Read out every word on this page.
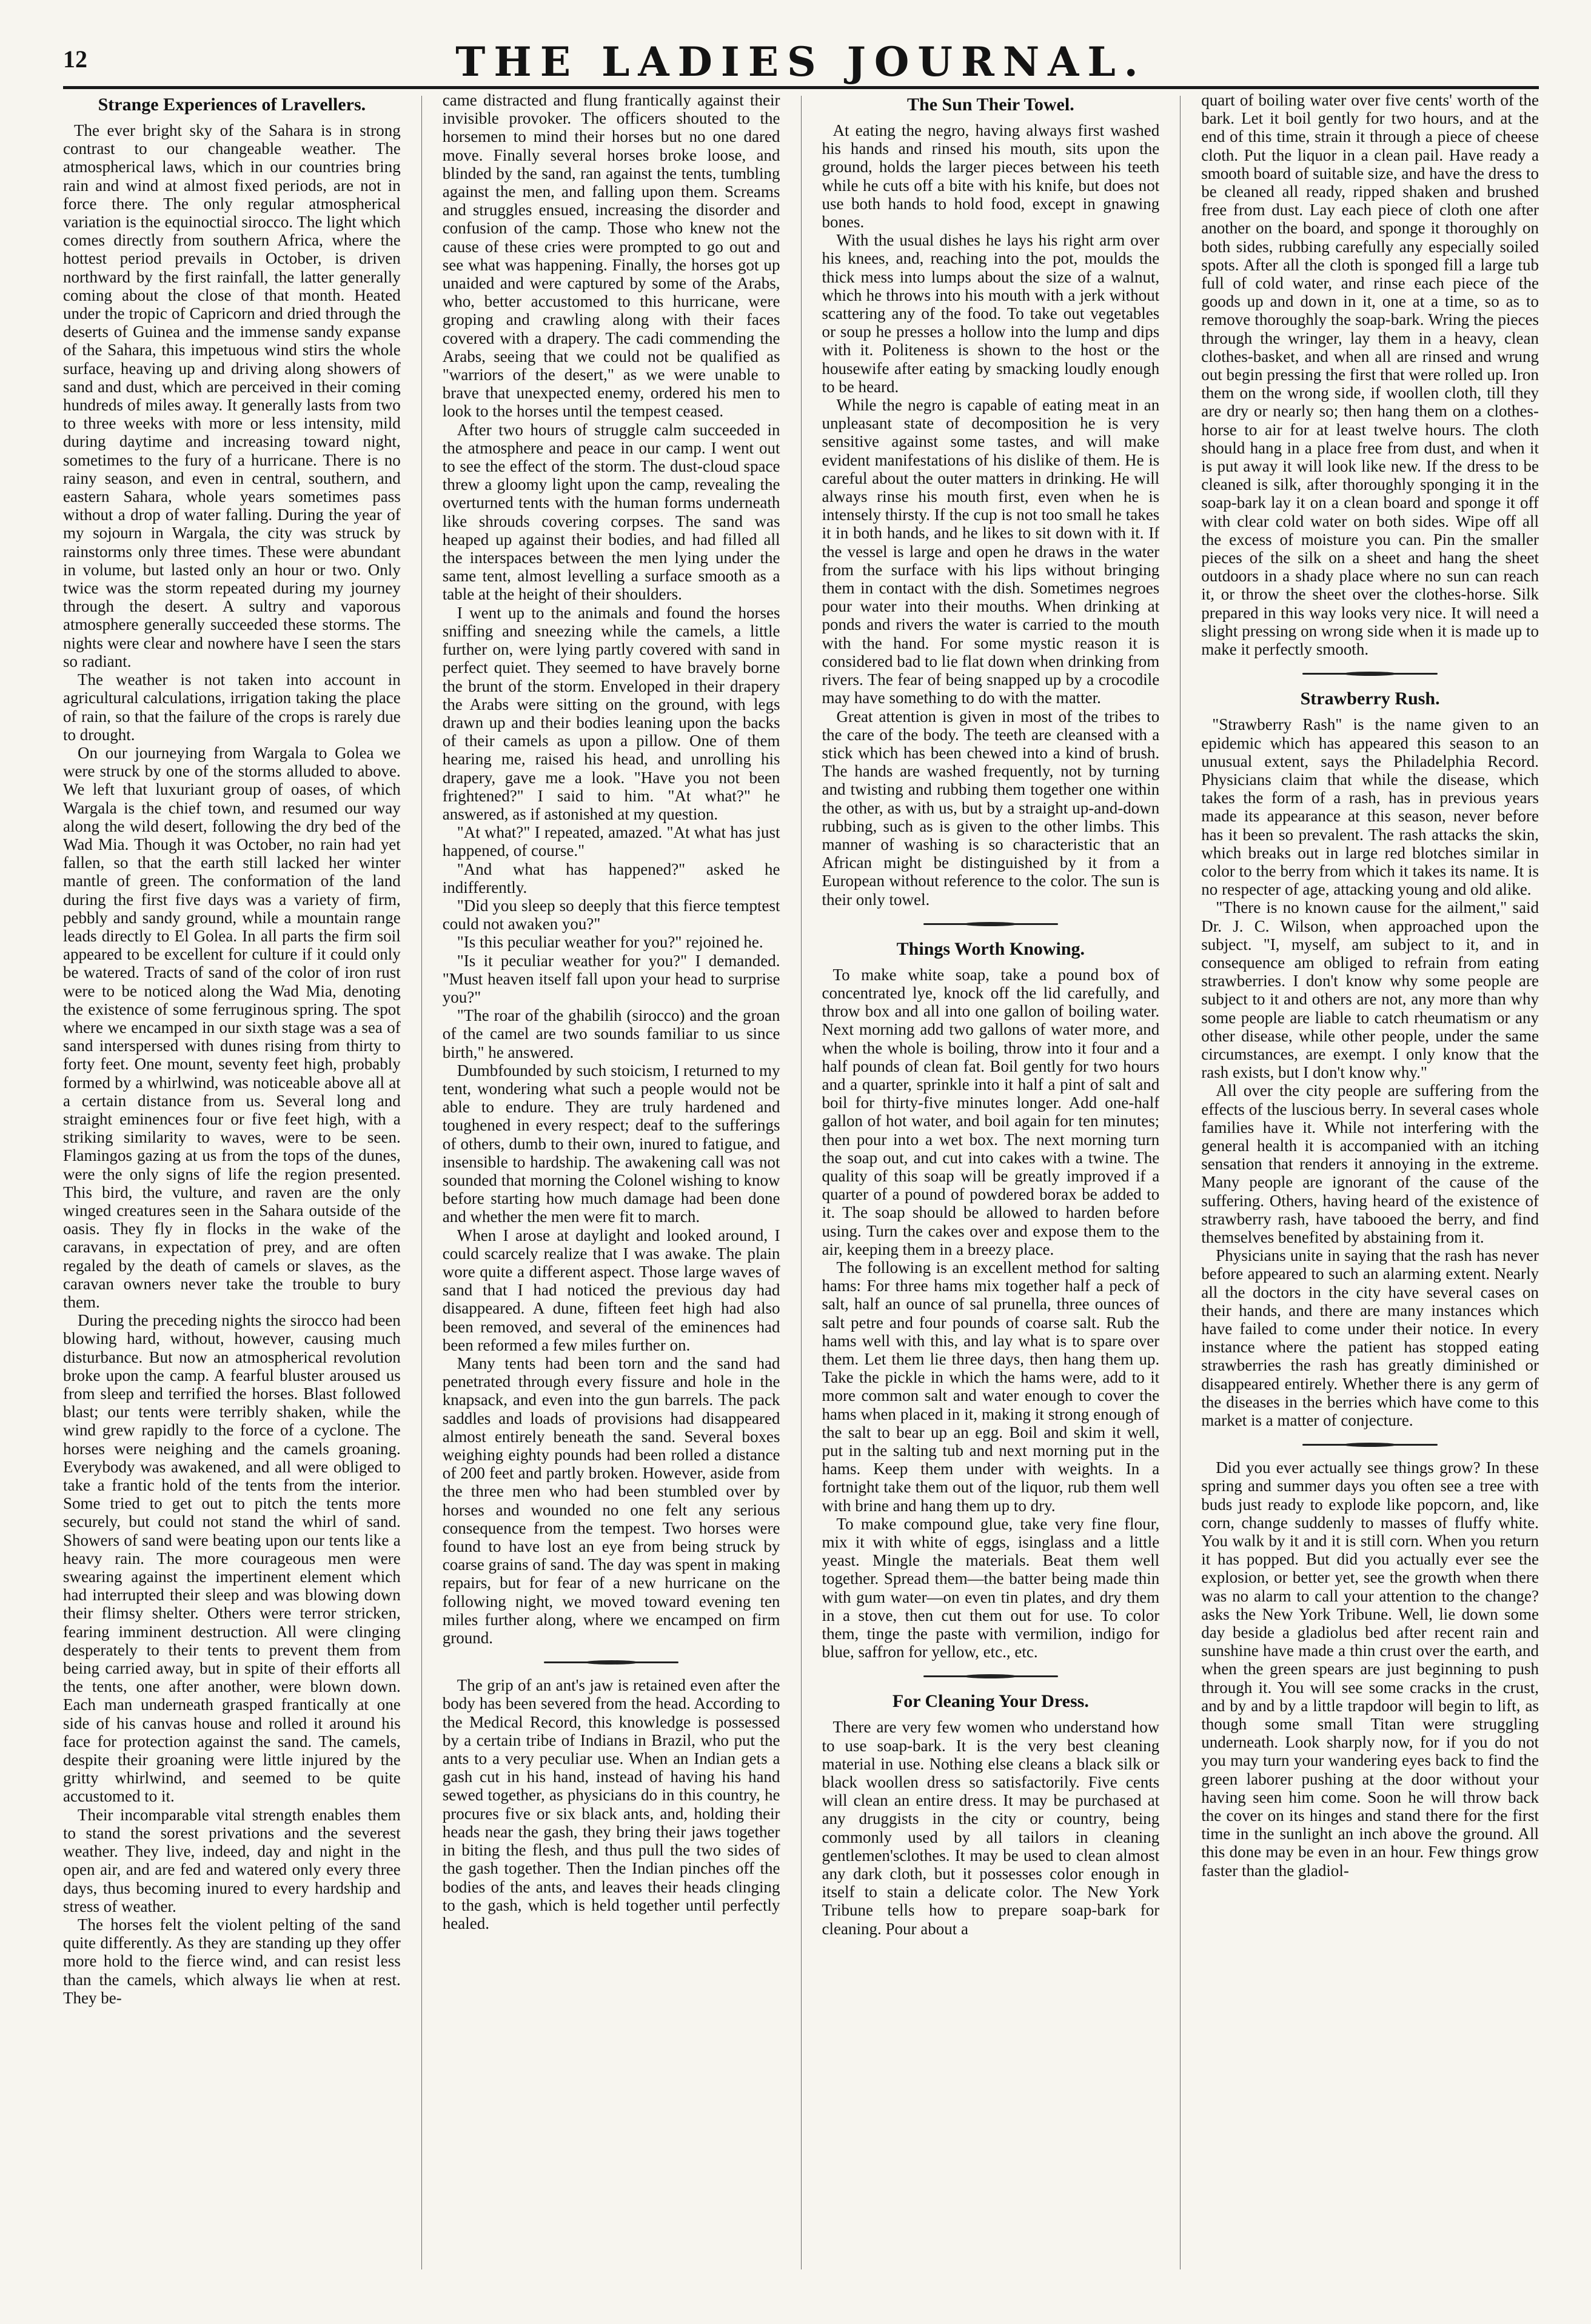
12	THE LADIES JOURNAL.
Strange Experiences of Lravellers.

The ever bright sky of the Sahara is in strong contrast to our changeable weather. The atmospherical laws, which in our countries bring rain and wind at almost fixed periods, are not in force there. The only regular atmospherical variation is the equinoctial sirocco. The light which comes directly from southern Africa, where the hottest period prevails in October, is driven northward by the first rainfall, the latter generally coming about the close of that month. Heated under the tropic of Capricorn and dried through the deserts of Guinea and the immense sandy expanse of the Sahara, this impetuous wind stirs the whole surface, heaving up and driving along showers of sand and dust, which are perceived in their coming hundreds of miles away. It generally lasts from two to three weeks with more or less intensity, mild during daytime and increasing toward night, sometimes to the fury of a hurricane. There is no rainy season, and even in central, southern, and eastern Sahara, whole years sometimes pass without a drop of water falling. During the year of my sojourn in Wargala, the city was struck by rainstorms only three times. These were abundant in volume, but lasted only an hour or two. Only twice was the storm repeated during my journey through the desert. A sultry and vaporous atmosphere generally succeeded these storms. The nights were clear and nowhere have I seen the stars so radiant.

The weather is not taken into account in agricultural calculations, irrigation taking the place of rain, so that the failure of the crops is rarely due to drought.

On our journeying from Wargala to Golea we were struck by one of the storms alluded to above. We left that luxuriant group of oases, of which Wargala is the chief town, and resumed our way along the wild desert, following the dry bed of the Wad Mia. Though it was October, no rain had yet fallen, so that the earth still lacked her winter mantle of green. The conformation of the land during the first five days was a variety of firm, pebbly and sandy ground, while a mountain range leads directly to El Golea. In all parts the firm soil appeared to be excellent for culture if it could only be watered. Tracts of sand of the color of iron rust were to be noticed along the Wad Mia, denoting the existence of some ferruginous spring. The spot where we encamped in our sixth stage was a sea of sand interspersed with dunes rising from thirty to forty feet. One mount, seventy feet high, probably formed by a whirlwind, was noticeable above all at a certain distance from us. Several long and straight eminences four or five feet high, with a striking similarity to waves, were to be seen. Flamingos gazing at us from the tops of the dunes, were the only signs of life the region presented. This bird, the vulture, and raven are the only winged creatures seen in the Sahara outside of the oasis. They fly in flocks in the wake of the caravans, in expectation of prey, and are often regaled by the death of camels or slaves, as the caravan owners never take the trouble to bury them.

During the preceding nights the sirocco had been blowing hard, without, however, causing much disturbance. But now an atmospherical revolution broke upon the camp. A fearful bluster aroused us from sleep and terrified the horses. Blast followed blast; our tents were terribly shaken, while the wind grew rapidly to the force of a cyclone. The horses were neighing and the camels groaning. Everybody was awakened, and all were obliged to take a frantic hold of the tents from the interior. Some tried to get out to pitch the tents more securely, but could not stand the whirl of sand. Showers of sand were beating upon our tents like a heavy rain. The more courageous men were swearing against the impertinent element which had interrupted their sleep and was blowing down their flimsy shelter. Others were terror stricken, fearing imminent destruction. All were clinging desperately to their tents to prevent them from being carried away, but in spite of their efforts all the tents, one after another, were blown down. Each man underneath grasped frantically at one side of his canvas house and rolled it around his face for protection against the sand. The camels, despite their groaning were little injured by the gritty whirlwind, and seemed to be quite accustomed to it.

Their incomparable vital strength enables them to stand the sorest privations and the severest weather. They live, indeed, day and night in the open air, and are fed and watered only every three days, thus becoming inured to every hardship and stress of weather.

The horses felt the violent pelting of the sand quite differently. As they are standing up they offer more hold to the fierce wind, and can resist less than the camels, which always lie when at rest. They be-

came distracted and flung frantically against their invisible provoker. The officers shouted to the horsemen to mind their horses but no one dared move. Finally several horses broke loose, and blinded by the sand, ran against the tents, tumbling against the men, and falling upon them. Screams and struggles ensued, increasing the disorder and confusion of the camp. Those who knew not the cause of these cries were prompted to go out and see what was happening. Finally, the horses got up unaided and were captured by some of the Arabs, who, better accustomed to this hurricane, were groping and crawling along with their faces covered with a drapery. The cadi commending the Arabs, seeing that we could not be qualified as "warriors of the desert," as we were unable to brave that unexpected enemy, ordered his men to look to the horses until the tempest ceased.

After two hours of struggle calm succeeded in the atmosphere and peace in our camp. I went out to see the effect of the storm. The dust-cloud space threw a gloomy light upon the camp, revealing the overturned tents with the human forms underneath like shrouds covering corpses. The sand was heaped up against their bodies, and had filled all the interspaces between the men lying under the same tent, almost levelling a surface smooth as a table at the height of their shoulders.

I went up to the animals and found the horses sniffing and sneezing while the camels, a little further on, were lying partly covered with sand in perfect quiet. They seemed to have bravely borne the brunt of the storm. Enveloped in their drapery the Arabs were sitting on the ground, with legs drawn up and their bodies leaning upon the backs of their camels as upon a pillow. One of them hearing me, raised his head, and unrolling his drapery, gave me a look. "Have you not been frightened?" I said to him. "At what?" he answered, as if astonished at my question.

"At what?" I repeated, amazed. "At what has just happened, of course."

"And what has happened?" asked he indifferently.

"Did you sleep so deeply that this fierce temptest could not awaken you?"

"Is this peculiar weather for you?" rejoined he.

"Is it peculiar weather for you?" I demanded. "Must heaven itself fall upon your head to surprise you?"

"The roar of the ghabilih (sirocco) and the groan of the camel are two sounds familiar to us since birth," he answered.

Dumbfounded by such stoicism, I returned to my tent, wondering what such a people would not be able to endure. They are truly hardened and toughened in every respect; deaf to the sufferings of others, dumb to their own, inured to fatigue, and insensible to hardship. The awakening call was not sounded that morning the Colonel wishing to know before starting how much damage had been done and whether the men were fit to march.

When I arose at daylight and looked around, I could scarcely realize that I was awake. The plain wore quite a different aspect. Those large waves of sand that I had noticed the previous day had disappeared. A dune, fifteen feet high had also been removed, and several of the eminences had been reformed a few miles further on.

Many tents had been torn and the sand had penetrated through every fissure and hole in the knapsack, and even into the gun barrels. The pack saddles and loads of provisions had disappeared almost entirely beneath the sand. Several boxes weighing eighty pounds had been rolled a distance of 200 feet and partly broken. However, aside from the three men who had been stumbled over by horses and wounded no one felt any serious consequence from the tempest. Two horses were found to have lost an eye from being struck by coarse grains of sand. The day was spent in making repairs, but for fear of a new hurricane on the following night, we moved toward evening ten miles further along, where we encamped on firm ground.

The grip of an ant's jaw is retained even after the body has been severed from the head. According to the Medical Record, this knowledge is possessed by a certain tribe of Indians in Brazil, who put the ants to a very peculiar use. When an Indian gets a gash cut in his hand, instead of having his hand sewed together, as physicians do in this country, he procures five or six black ants, and, holding their heads near the gash, they bring their jaws together in biting the flesh, and thus pull the two sides of the gash together. Then the Indian pinches off the bodies of the ants, and leaves their heads clinging to the gash, which is held together until perfectly healed.

The Sun Their Towel.

At eating the negro, having always first washed his hands and rinsed his mouth, sits upon the ground, holds the larger pieces between his teeth while he cuts off a bite with his knife, but does not use both hands to hold food, except in gnawing bones.

With the usual dishes he lays his right arm over his knees, and, reaching into the pot, moulds the thick mess into lumps about the size of a walnut, which he throws into his mouth with a jerk without scattering any of the food. To take out vegetables or soup he presses a hollow into the lump and dips with it. Politeness is shown to the host or the housewife after eating by smacking loudly enough to be heard.

While the negro is capable of eating meat in an unpleasant state of decomposition he is very sensitive against some tastes, and will make evident manifestations of his dislike of them. He is careful about the outer matters in drinking. He will always rinse his mouth first, even when he is intensely thirsty. If the cup is not too small he takes it in both hands, and he likes to sit down with it. If the vessel is large and open he draws in the water from the surface with his lips without bringing them in contact with the dish. Sometimes negroes pour water into their mouths. When drinking at ponds and rivers the water is carried to the mouth with the hand. For some mystic reason it is considered bad to lie flat down when drinking from rivers. The fear of being snapped up by a crocodile may have something to do with the matter.

Great attention is given in most of the tribes to the care of the body. The teeth are cleansed with a stick which has been chewed into a kind of brush. The hands are washed frequently, not by turning and twisting and rubbing them together one within the other, as with us, but by a straight up-and-down rubbing, such as is given to the other limbs. This manner of washing is so characteristic that an African might be distinguished by it from a European without reference to the color. The sun is their only towel.

Things Worth Knowing.

To make white soap, take a pound box of concentrated lye, knock off the lid carefully, and throw box and all into one gallon of boiling water. Next morning add two gallons of water more, and when the whole is boiling, throw into it four and a half pounds of clean fat. Boil gently for two hours and a quarter, sprinkle into it half a pint of salt and boil for thirty-five minutes longer. Add one-half gallon of hot water, and boil again for ten minutes; then pour into a wet box. The next morning turn the soap out, and cut into cakes with a twine. The quality of this soap will be greatly improved if a quarter of a pound of powdered borax be added to it. The soap should be allowed to harden before using. Turn the cakes over and expose them to the air, keeping them in a breezy place.

The following is an excellent method for salting hams: For three hams mix together half a peck of salt, half an ounce of sal prunella, three ounces of salt petre and four pounds of coarse salt. Rub the hams well with this, and lay what is to spare over them. Let them lie three days, then hang them up. Take the pickle in which the hams were, add to it more common salt and water enough to cover the hams when placed in it, making it strong enough of the salt to bear up an egg. Boil and skim it well, put in the salting tub and next morning put in the hams. Keep them under with weights. In a fortnight take them out of the liquor, rub them well with brine and hang them up to dry.

To make compound glue, take very fine flour, mix it with white of eggs, isinglass and a little yeast. Mingle the materials. Beat them well together. Spread them—the batter being made thin with gum water—on even tin plates, and dry them in a stove, then cut them out for use. To color them, tinge the paste with vermilion, indigo for blue, saffron for yellow, etc., etc.

For Cleaning Your Dress.

There are very few women who understand how to use soap-bark. It is the very best cleaning material in use. Nothing else cleans a black silk or black woollen dress so satisfactorily. Five cents will clean an entire dress. It may be purchased at any druggists in the city or country, being commonly used by all tailors in cleaning gentlemen'sclothes. It may be used to clean almost any dark cloth, but it possesses color enough in itself to stain a delicate color. The New York Tribune tells how to prepare soap-bark for cleaning. Pour about a

quart of boiling water over five cents' worth of the bark. Let it boil gently for two hours, and at the end of this time, strain it through a piece of cheese cloth. Put the liquor in a clean pail. Have ready a smooth board of suitable size, and have the dress to be cleaned all ready, ripped shaken and brushed free from dust. Lay each piece of cloth one after another on the board, and sponge it thoroughly on both sides, rubbing carefully any especially soiled spots. After all the cloth is sponged fill a large tub full of cold water, and rinse each piece of the goods up and down in it, one at a time, so as to remove thoroughly the soap-bark. Wring the pieces through the wringer, lay them in a heavy, clean clothes-basket, and when all are rinsed and wrung out begin pressing the first that were rolled up. Iron them on the wrong side, if woollen cloth, till they are dry or nearly so; then hang them on a clothes-horse to air for at least twelve hours. The cloth should hang in a place free from dust, and when it is put away it will look like new. If the dress to be cleaned is silk, after thoroughly sponging it in the soap-bark lay it on a clean board and sponge it off with clear cold water on both sides. Wipe off all the excess of moisture you can. Pin the smaller pieces of the silk on a sheet and hang the sheet outdoors in a shady place where no sun can reach it, or throw the sheet over the clothes-horse. Silk prepared in this way looks very nice. It will need a slight pressing on wrong side when it is made up to make it perfectly smooth.

Strawberry Rush.

"Strawberry Rash" is the name given to an epidemic which has appeared this season to an unusual extent, says the Philadelphia Record. Physicians claim that while the disease, which takes the form of a rash, has in previous years made its appearance at this season, never before has it been so prevalent. The rash attacks the skin, which breaks out in large red blotches similar in color to the berry from which it takes its name. It is no respecter of age, attacking young and old alike.

"There is no known cause for the ailment," said Dr. J. C. Wilson, when approached upon the subject. "I, myself, am subject to it, and in consequence am obliged to refrain from eating strawberries. I don't know why some people are subject to it and others are not, any more than why some people are liable to catch rheumatism or any other disease, while other people, under the same circumstances, are exempt. I only know that the rash exists, but I don't know why."

All over the city people are suffering from the effects of the luscious berry. In several cases whole families have it. While not interfering with the general health it is accompanied with an itching sensation that renders it annoying in the extreme. Many people are ignorant of the cause of the suffering. Others, having heard of the existence of strawberry rash, have tabooed the berry, and find themselves benefited by abstaining from it.

Physicians unite in saying that the rash has never before appeared to such an alarming extent. Nearly all the doctors in the city have several cases on their hands, and there are many instances which have failed to come under their notice. In every instance where the patient has stopped eating strawberries the rash has greatly diminished or disappeared entirely. Whether there is any germ of the diseases in the berries which have come to this market is a matter of conjecture.

Did you ever actually see things grow? In these spring and summer days you often see a tree with buds just ready to explode like popcorn, and, like corn, change suddenly to masses of fluffy white. You walk by it and it is still corn. When you return it has popped. But did you actually ever see the explosion, or better yet, see the growth when there was no alarm to call your attention to the change? asks the New York Tribune. Well, lie down some day beside a gladiolus bed after recent rain and sunshine have made a thin crust over the earth, and when the green spears are just beginning to push through it. You will see some cracks in the crust, and by and by a little trapdoor will begin to lift, as though some small Titan were struggling underneath. Look sharply now, for if you do not you may turn your wandering eyes back to find the green laborer pushing at the door without your having seen him come. Soon he will throw back the cover on its hinges and stand there for the first time in the sunlight an inch above the ground. All this done may be even in an hour. Few things grow faster than the gladiol-
